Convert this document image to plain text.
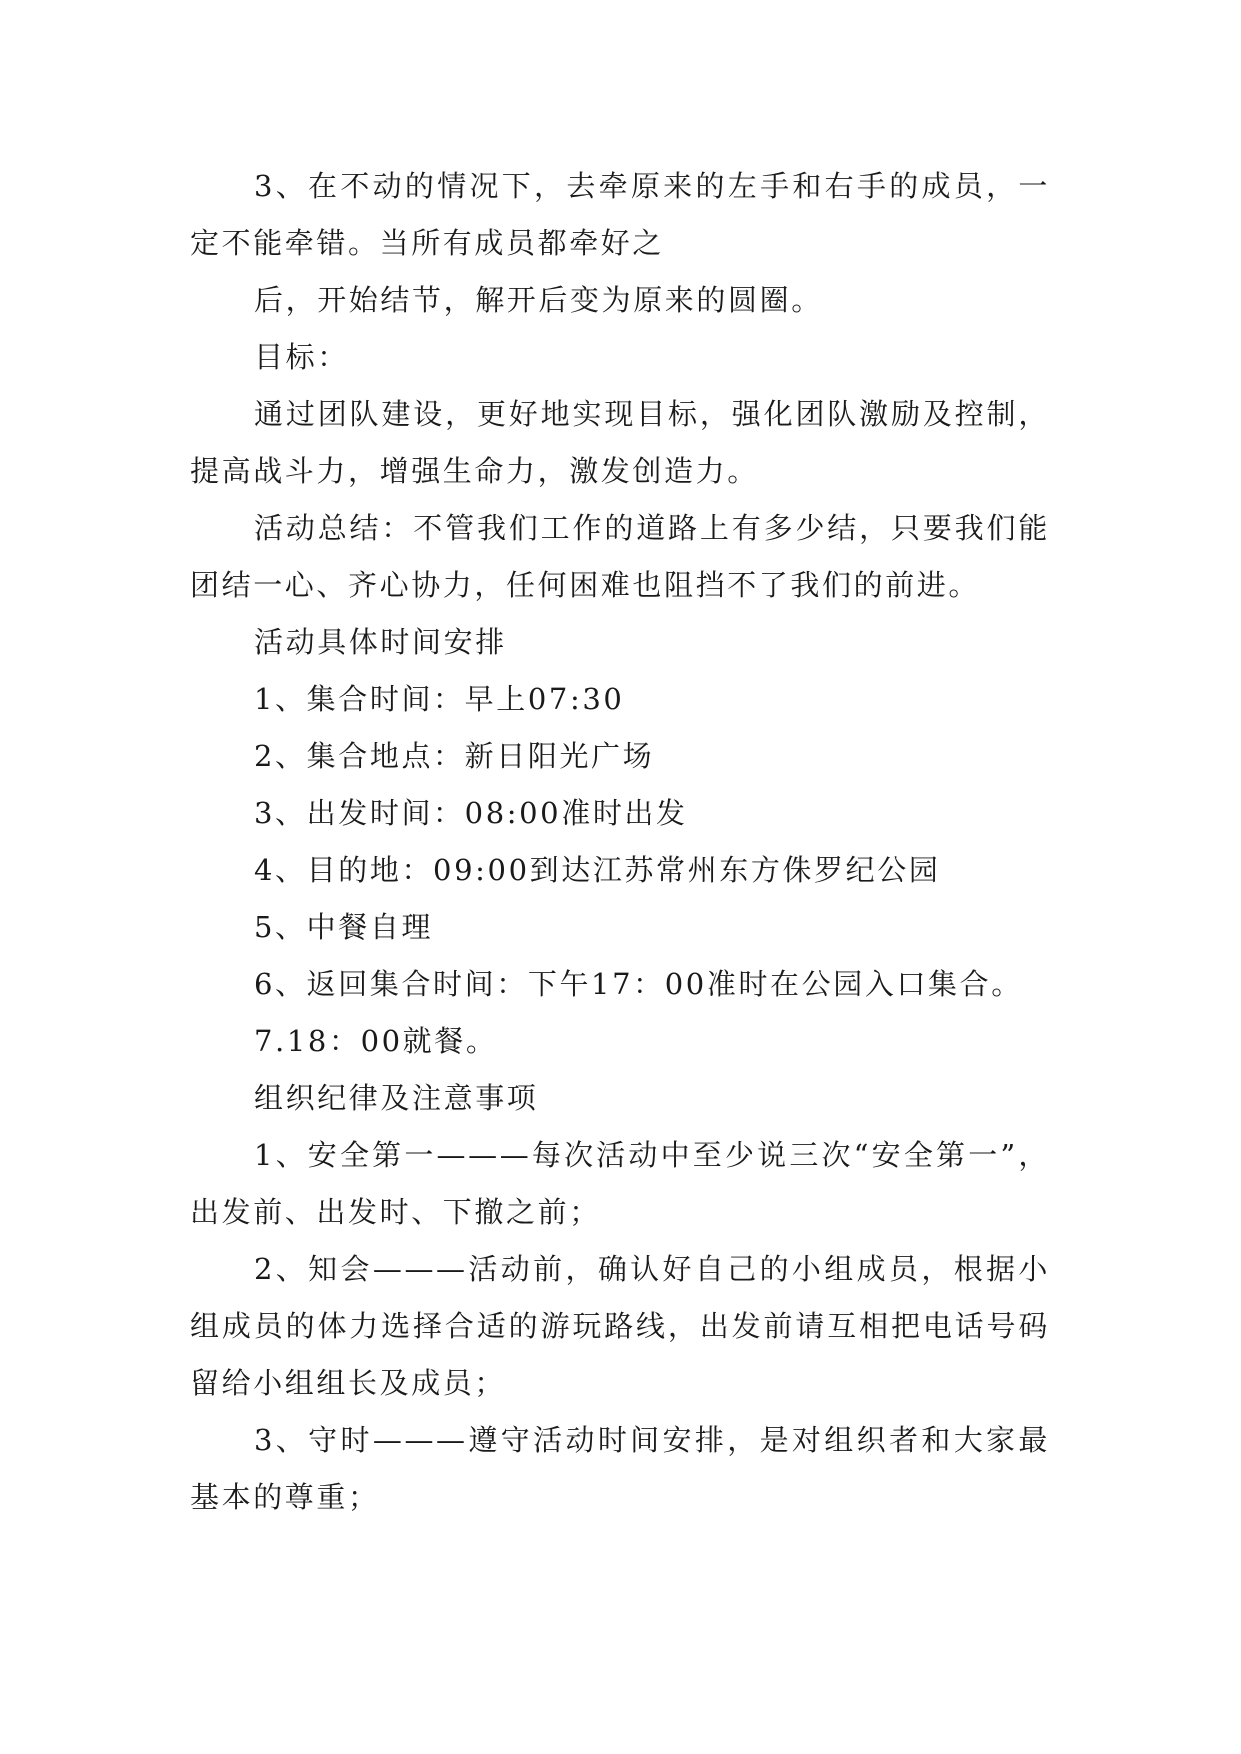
3、在不动的情况下，去牵原来的左手和右手的成员，一定不能牵错。当所有成员都牵好之

后，开始结节，解开后变为原来的圆圈。

目标：

通过团队建设，更好地实现目标，强化团队激励及控制，提高战斗力，增强生命力，激发创造力。

活动总结：不管我们工作的道路上有多少结，只要我们能团结一心、齐心协力，任何困难也阻挡不了我们的前进。

活动具体时间安排

1、集合时间：早上07:30

2、集合地点：新日阳光广场

3、出发时间：08:00准时出发

4、目的地：09:00到达江苏常州东方侏罗纪公园

5、中餐自理

6、返回集合时间：下午17：00准时在公园入口集合。

7.18：00就餐。

组织纪律及注意事项

1、安全第一———每次活动中至少说三次“安全第一”，出发前、出发时、下撤之前；

2、知会———活动前，确认好自己的小组成员，根据小组成员的体力选择合适的游玩路线，出发前请互相把电话号码留给小组组长及成员；

3、守时———遵守活动时间安排，是对组织者和大家最基本的尊重；
